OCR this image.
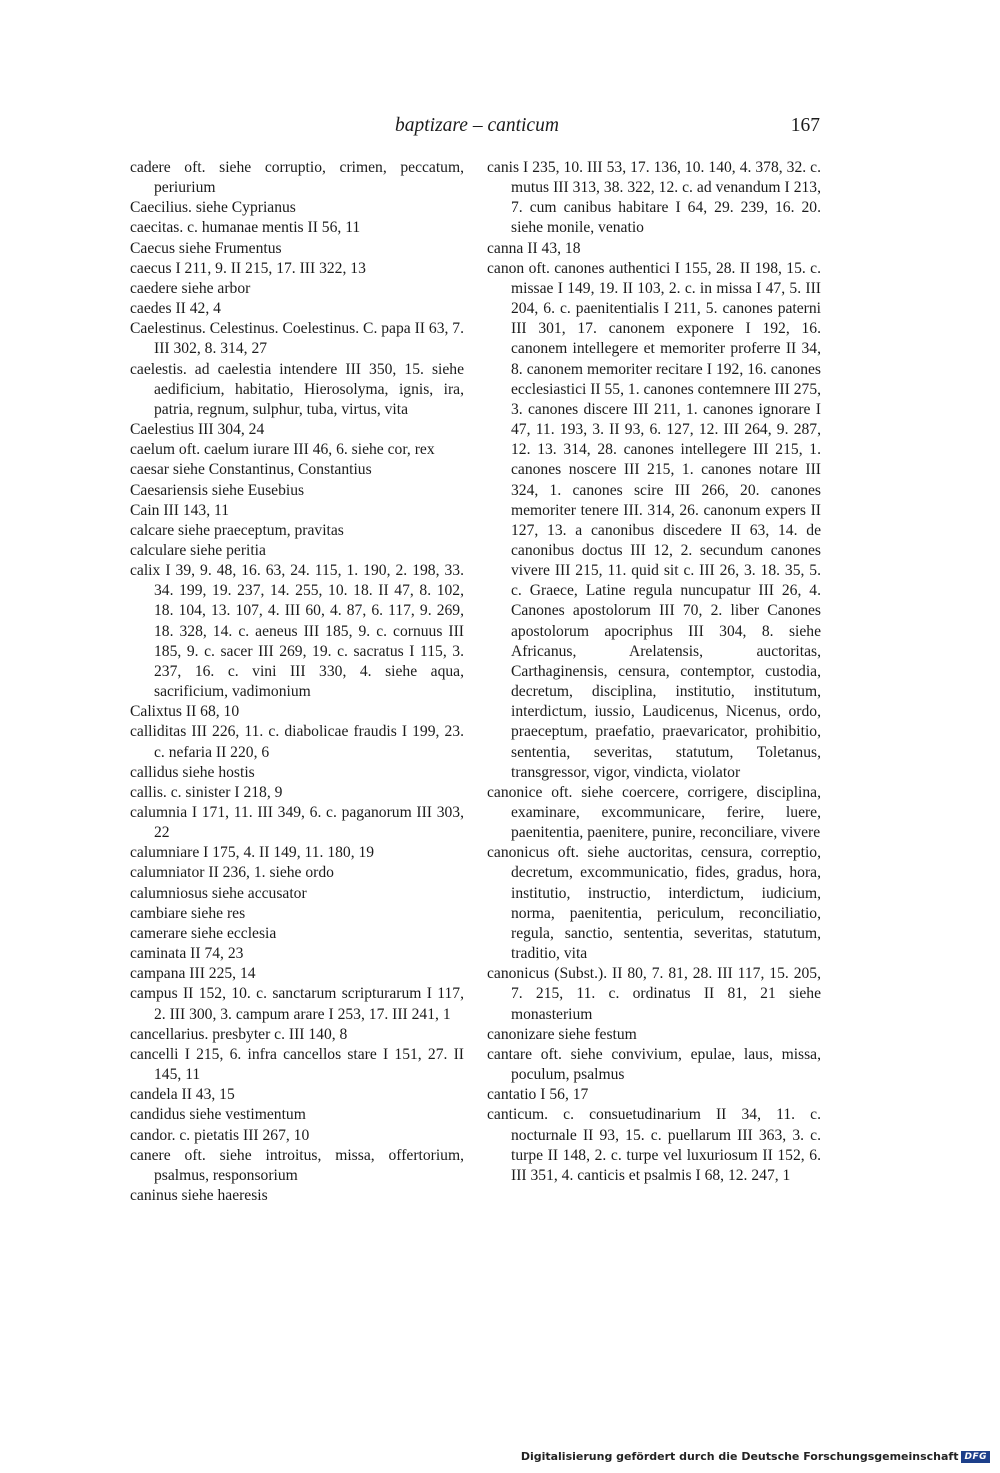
baptizare – canticum	167
cadere oft. siehe corruptio, crimen, peccatum, periurium
Caecilius. siehe Cyprianus
caecitas. c. humanae mentis II 56, 11
Caecus siehe Frumentus
caecus I 211, 9. II 215, 17. III 322, 13
caedere siehe arbor
caedes II 42, 4
Caelestinus. Celestinus. Coelestinus. C. papa II 63, 7. III 302, 8. 314, 27
caelestis. ad caelestia intendere III 350, 15. siehe aedificium, habitatio, Hierosolyma, ignis, ira, patria, regnum, sulphur, tuba, virtus, vita
Caelestius III 304, 24
caelum oft. caelum iurare III 46, 6. siehe cor, rex
caesar siehe Constantinus, Constantius
Caesariensis siehe Eusebius
Cain III 143, 11
calcare siehe praeceptum, pravitas
calculare siehe peritia
calix I 39, 9. 48, 16. 63, 24. 115, 1. 190, 2. 198, 33. 34. 199, 19. 237, 14. 255, 10. 18. II 47, 8. 102, 18. 104, 13. 107, 4. III 60, 4. 87, 6. 117, 9. 269, 18. 328, 14. c. aeneus III 185, 9. c. cornuus III 185, 9. c. sacer III 269, 19. c. sacratus I 115, 3. 237, 16. c. vini III 330, 4. siehe aqua, sacrificium, vadimonium
Calixtus II 68, 10
calliditas III 226, 11. c. diabolicae fraudis I 199, 23. c. nefaria II 220, 6
callidus siehe hostis
callis. c. sinister I 218, 9
calumnia I 171, 11. III 349, 6. c. paganorum III 303, 22
calumniare I 175, 4. II 149, 11. 180, 19
calumniator II 236, 1. siehe ordo
calumniosus siehe accusator
cambiare siehe res
camerare siehe ecclesia
caminata II 74, 23
campana III 225, 14
campus II 152, 10. c. sanctarum scripturarum I 117, 2. III 300, 3. campum arare I 253, 17. III 241, 1
cancellarius. presbyter c. III 140, 8
cancelli I 215, 6. infra cancellos stare I 151, 27. II 145, 11
candela II 43, 15
candidus siehe vestimentum
candor. c. pietatis III 267, 10
canere oft. siehe introitus, missa, offertorium, psalmus, responsorium
caninus siehe haeresis
canis I 235, 10. III 53, 17. 136, 10. 140, 4. 378, 32. c. mutus III 313, 38. 322, 12. c. ad venandum I 213, 7. cum canibus habitare I 64, 29. 239, 16. 20. siehe monile, venatio
canna II 43, 18
canon oft. canones authentici I 155, 28. II 198, 15. c. missae I 149, 19. II 103, 2. c. in missa I 47, 5. III 204, 6. c. paenitentialis I 211, 5. canones paterni III 301, 17. canonem exponere I 192, 16. canonem intellegere et memoriter proferre II 34, 8. canonem memoriter recitare I 192, 16. canones ecclesiastici II 55, 1. canones contemnere III 275, 3. canones discere III 211, 1. canones ignorare I 47, 11. 193, 3. II 93, 6. 127, 12. III 264, 9. 287, 12. 13. 314, 28. canones intellegere III 215, 1. canones noscere III 215, 1. canones notare III 324, 1. canones scire III 266, 20. canones memoriter tenere III. 314, 26. canonum expers II 127, 13. a canonibus discedere II 63, 14. de canonibus doctus III 12, 2. secundum canones vivere III 215, 11. quid sit c. III 26, 3. 18. 35, 5. c. Graece, Latine regula nuncupatur III 26, 4. Canones apostolorum III 70, 2. liber Canones apostolorum apocriphus III 304, 8. siehe Africanus, Arelatensis, auctoritas, Carthaginensis, censura, contemptor, custodia, decretum, disciplina, institutio, institutum, interdictum, iussio, Laudicenus, Nicenus, ordo, praeceptum, praefatio, praevaricator, prohibitio, sententia, severitas, statutum, Toletanus, transgressor, vigor, vindicta, violator
canonice oft. siehe coercere, corrigere, disciplina, examinare, excommunicare, ferire, luere, paenitentia, paenitere, punire, reconciliare, vivere
canonicus oft. siehe auctoritas, censura, correptio, decretum, excommunicatio, fides, gradus, hora, institutio, instructio, interdictum, iudicium, norma, paenitentia, periculum, reconciliatio, regula, sanctio, sententia, severitas, statutum, traditio, vita
canonicus (Subst.). II 80, 7. 81, 28. III 117, 15. 205, 7. 215, 11. c. ordinatus II 81, 21 siehe monasterium
canonizare siehe festum
cantare oft. siehe convivium, epulae, laus, missa, poculum, psalmus
cantatio I 56, 17
canticum. c. consuetudinarium II 34, 11. c. nocturnale II 93, 15. c. puellarum III 363, 3. c. turpe II 148, 2. c. turpe vel luxuriosum II 152, 6. III 351, 4. canticis et psalmis I 68, 12. 247, 1
Digitalisierung gefördert durch die Deutsche Forschungsgemeinschaft DFG
